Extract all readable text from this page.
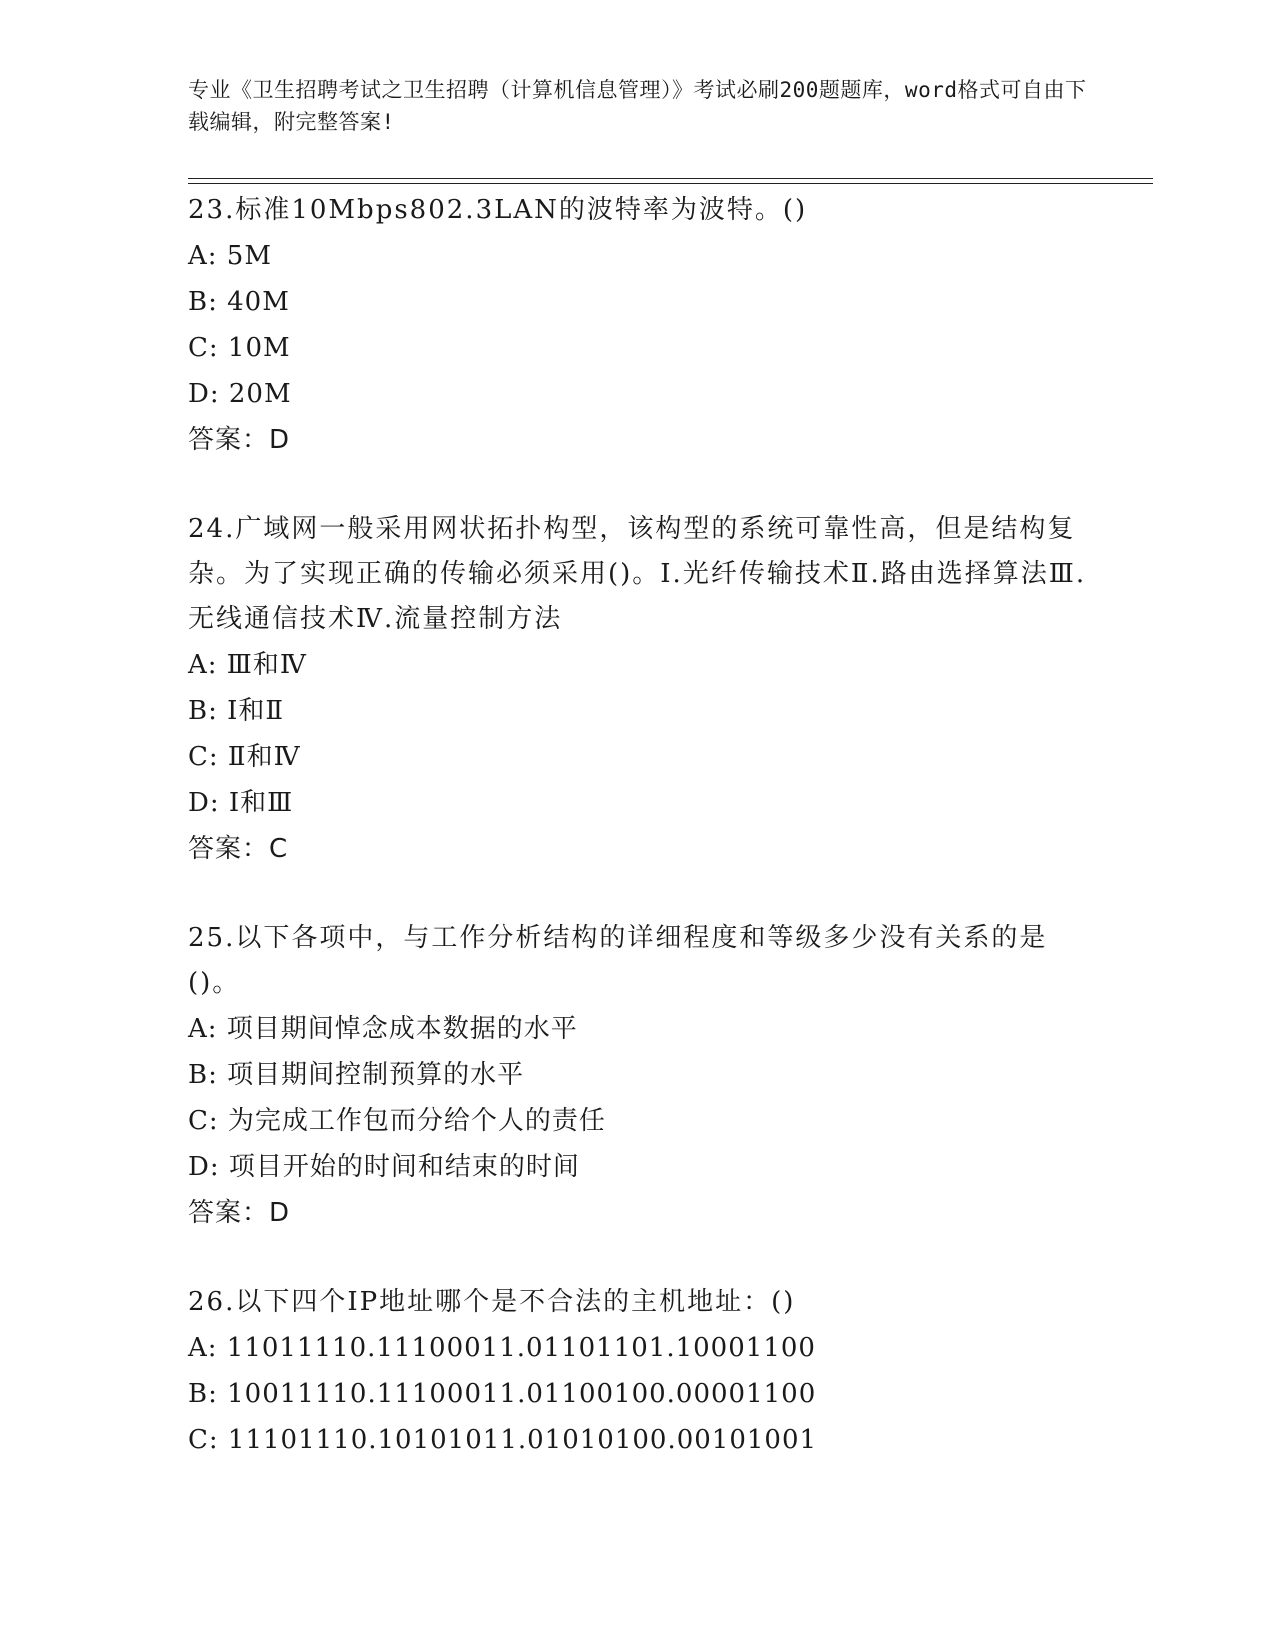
专业《卫生招聘考试之卫生招聘（计算机信息管理）》考试必刷200题题库，word格式可自由下载编辑，附完整答案!

23.标准10Mbps802.3LAN的波特率为波特。()

A: 5M

B: 40M

C: 10M

D: 20M

答案：D

24.广域网一般采用网状拓扑构型，该构型的系统可靠性高，但是结构复杂。为了实现正确的传输必须采用()。Ⅰ.光纤传输技术Ⅱ.路由选择算法Ⅲ.无线通信技术Ⅳ.流量控制方法

A: Ⅲ和Ⅳ

B: Ⅰ和Ⅱ

C: Ⅱ和Ⅳ

D: Ⅰ和Ⅲ

答案：C

25.以下各项中，与工作分析结构的详细程度和等级多少没有关系的是()。

A: 项目期间悼念成本数据的水平

B: 项目期间控制预算的水平

C: 为完成工作包而分给个人的责任

D: 项目开始的时间和结束的时间

答案：D

26.以下四个IP地址哪个是不合法的主机地址：()

A: 11011110.11100011.01101101.10001100

B: 10011110.11100011.01100100.00001100

C: 11101110.10101011.01010100.00101001
